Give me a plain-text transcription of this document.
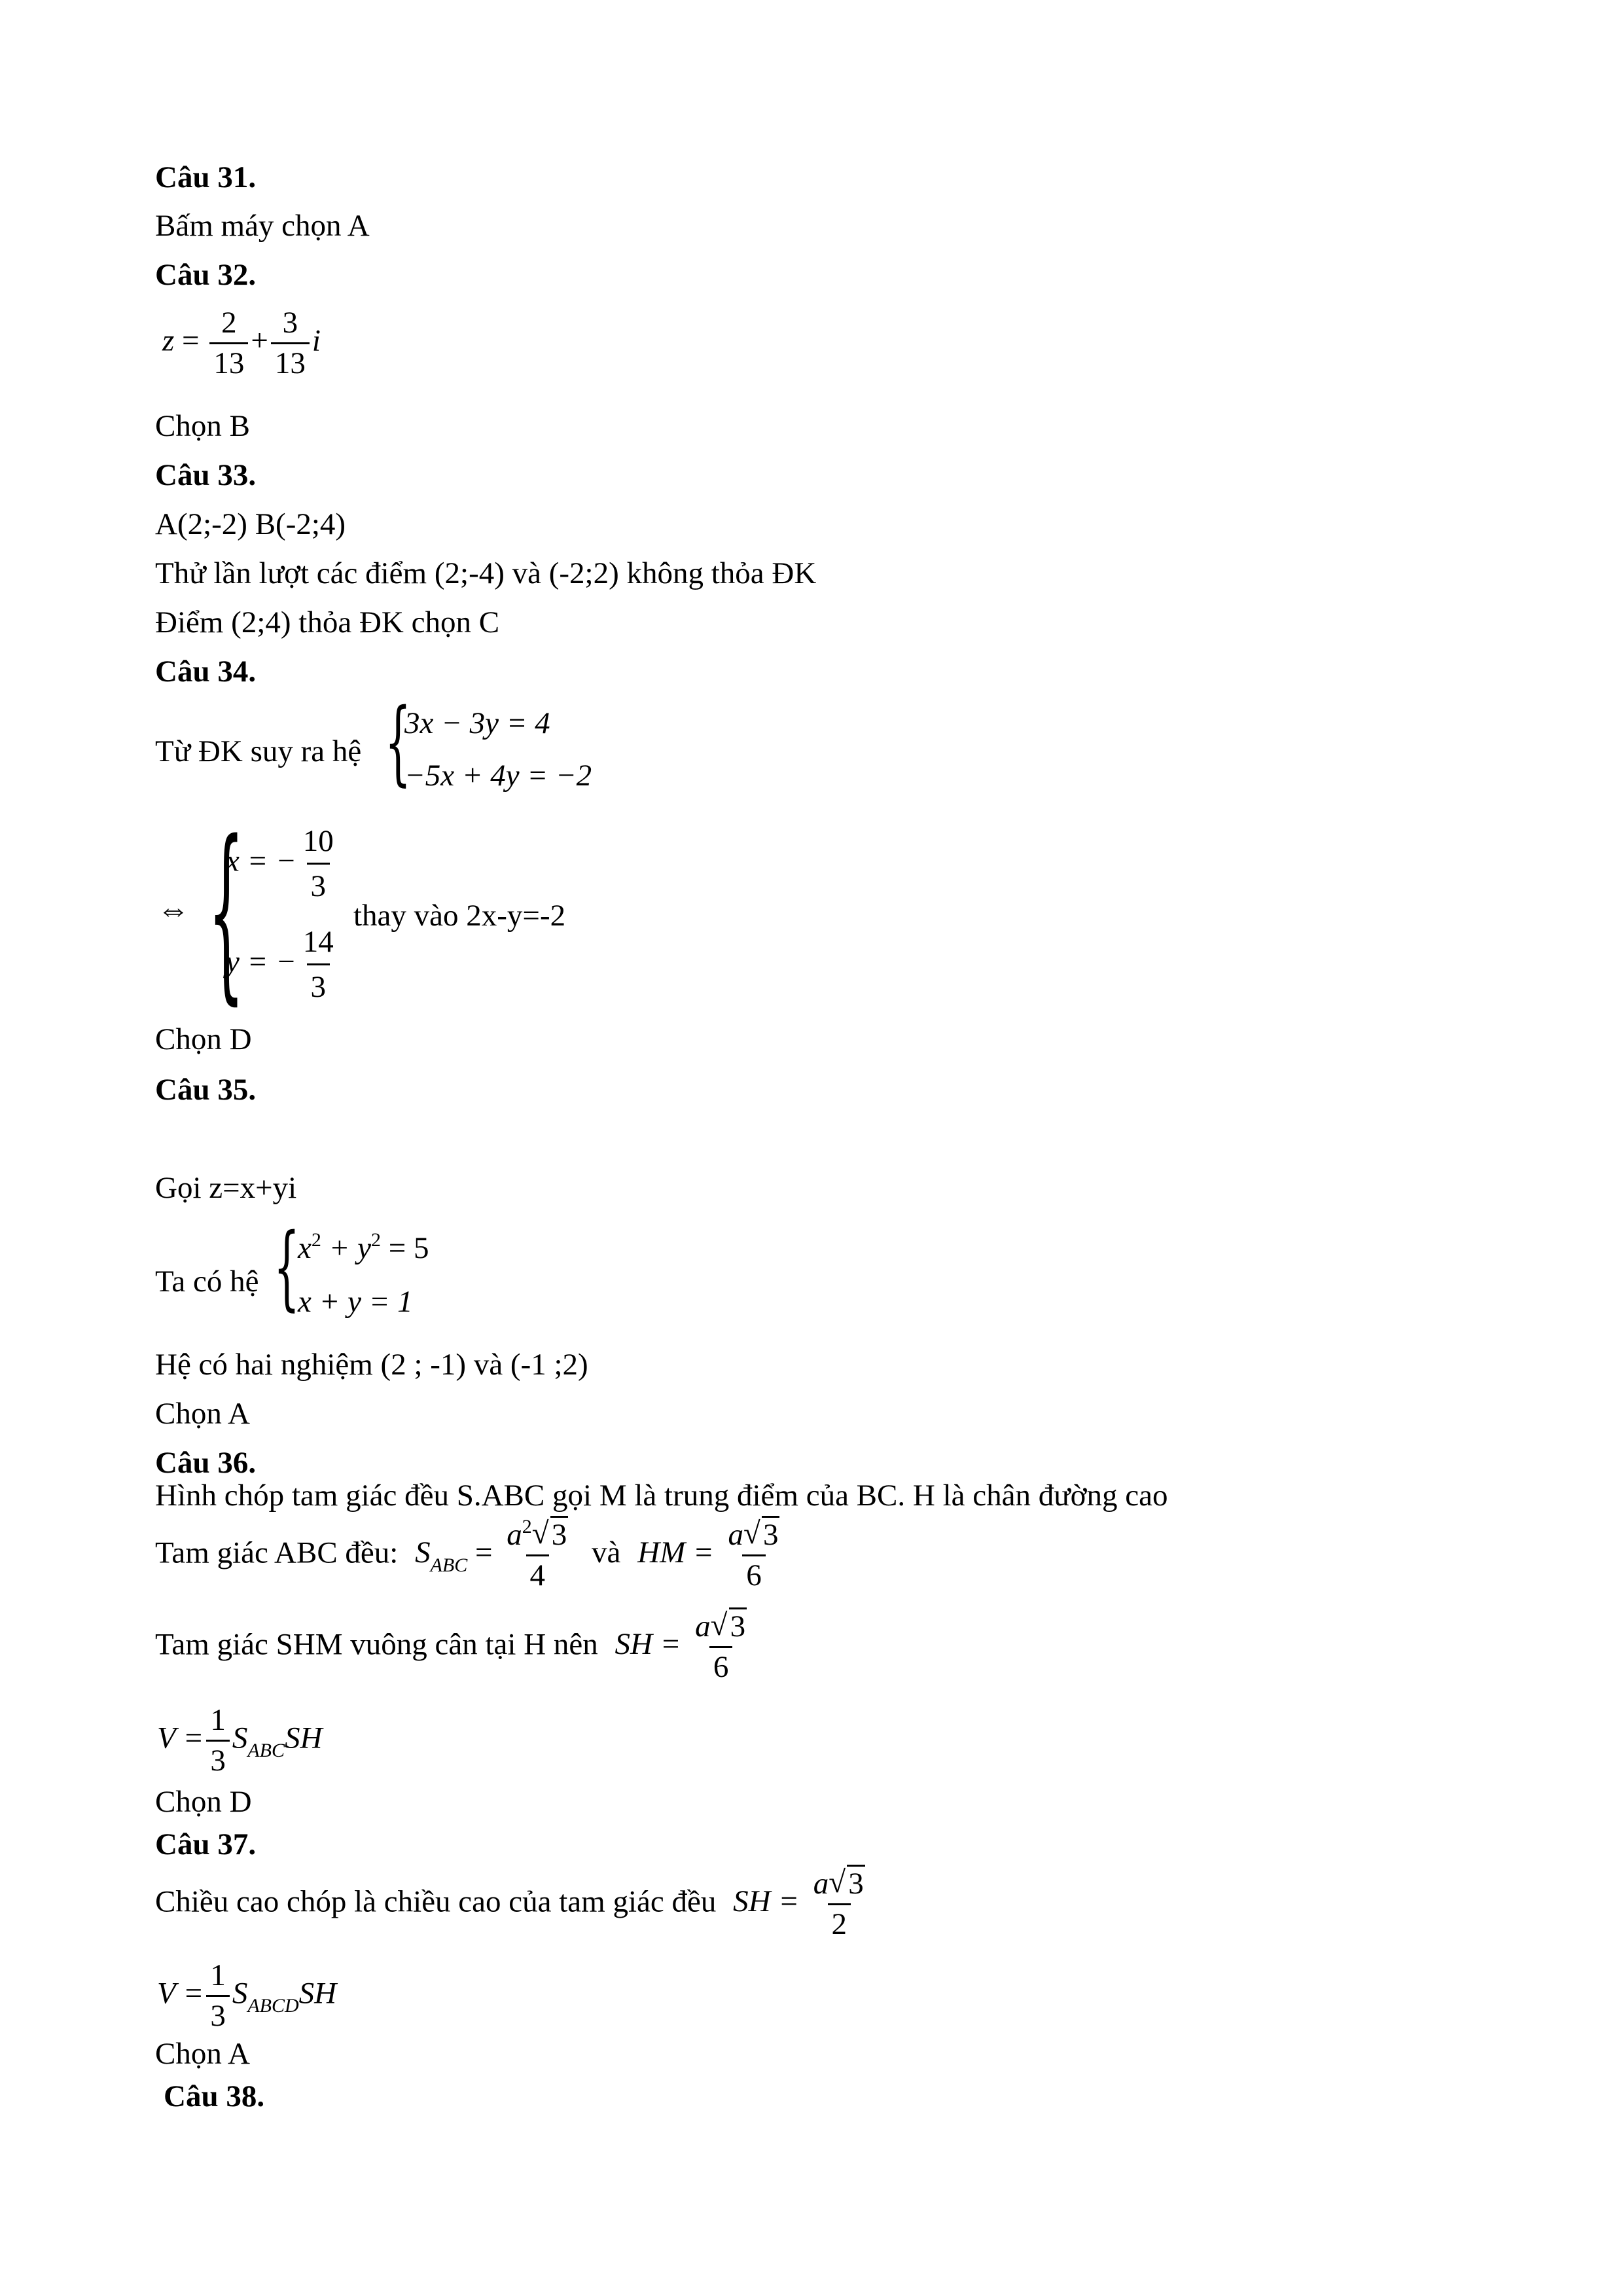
Câu 31.
Bấm máy chọn A
Câu 32.
$z = \frac{2}{13} + \frac{3}{13}$ i
Chọn B
Câu 33.
A(2;-2) B(-2;4)
Thử lần lượt các điểm (2;-4) và (-2;2) không thỏa ĐK
Điểm (2;4) thỏa ĐK chọn C
Câu 34.
Từ ĐK suy ra hệ {
3x − 3y = 4
−5x + 4y = −2
⇔ {
x = − $\frac{10}{3}$
y = − $\frac{14}{3}$
thay vào 2x-y=-2
Chọn D
Câu 35.
Gọi z=x+yi
Ta có hệ {
$x^2 + y^2 = 5$
x + y = 1
Hệ có hai nghiệm (2 ; -1) và (-1 ;2)
Chọn A
Câu 36.
Hình chóp tam giác đều S.ABC gọi M là trung điểm của BC. H là chân đường cao
Tam giác ABC đều: $S_{ABC} = \frac{a^2 √ 3}{4}$ và HM = $\frac{a √ 3}{6}$
Tam giác SHM vuông cân tại H nên SH = $\frac{a √ 3}{6}$
$V = \frac{1}{3} S_{ABC}SH$
Chọn D
Câu 37.
Chiều cao chóp là chiều cao của tam giác đều SH = $\frac{a √ 3}{2}$
$V = \frac{1}{3} S_{ABCD}SH$
Chọn A
Câu 38.
